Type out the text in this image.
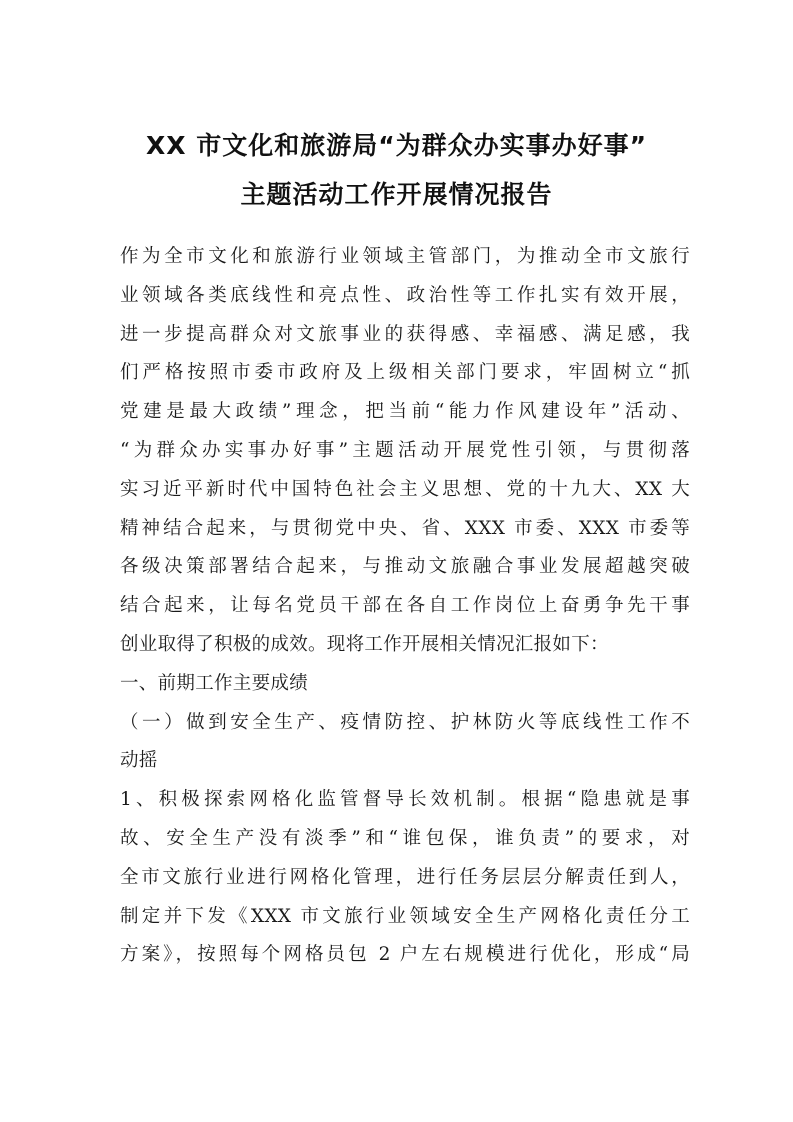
XX 市文化和旅游局“为群众办实事办好事”
主题活动工作开展情况报告
作为全市文化和旅游行业领域主管部门，为推动全市文旅行
业领域各类底线性和亮点性、政治性等工作扎实有效开展，
进一步提高群众对文旅事业的获得感、幸福感、满足感，我
们严格按照市委市政府及上级相关部门要求，牢固树立“抓
党建是最大政绩”理念，把当前“能力作风建设年”活动、
“为群众办实事办好事”主题活动开展党性引领，与贯彻落
实习近平新时代中国特色社会主义思想、党的十九大、XX 大
精神结合起来，与贯彻党中央、省、XXX 市委、XXX 市委等
各级决策部署结合起来，与推动文旅融合事业发展超越突破
结合起来，让每名党员干部在各自工作岗位上奋勇争先干事
创业取得了积极的成效。现将工作开展相关情况汇报如下：
一、前期工作主要成绩
（一）做到安全生产、疫情防控、护林防火等底线性工作不
动摇
1、积极探索网格化监管督导长效机制。根据“隐患就是事
故、安全生产没有淡季”和“谁包保，谁负责”的要求，对
全市文旅行业进行网格化管理，进行任务层层分解责任到人，
制定并下发《XXX 市文旅行业领域安全生产网格化责任分工
方案》，按照每个网格员包 2 户左右规模进行优化，形成“局
